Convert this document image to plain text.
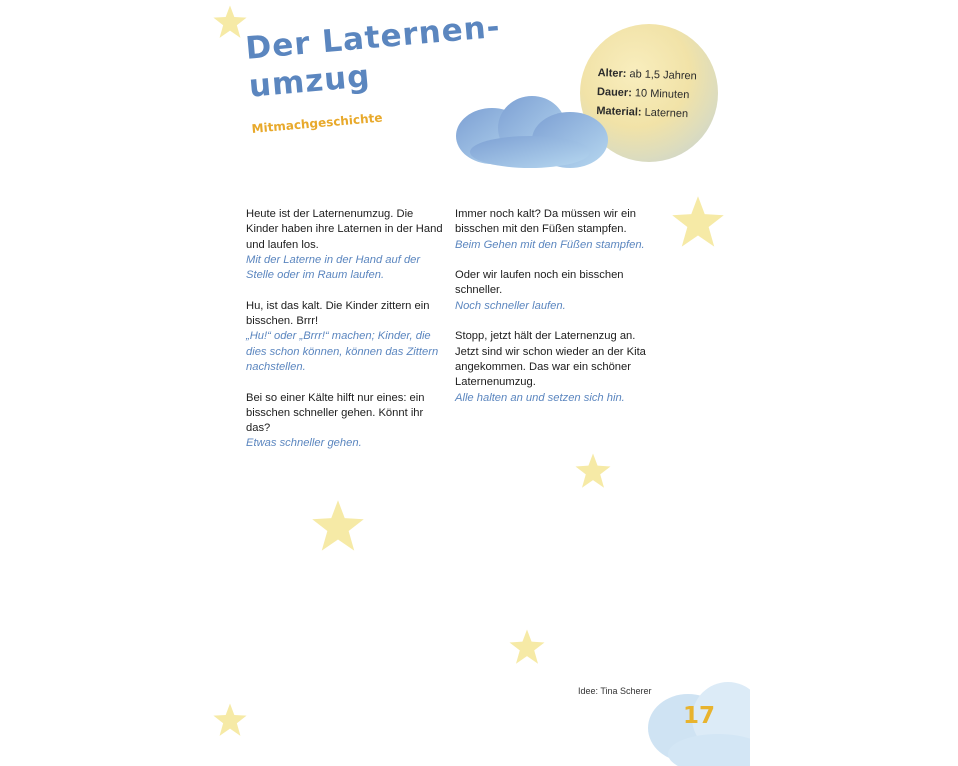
Der Laternen-
umzug
Mitmachgeschichte
Alter: ab 1,5 Jahren
Dauer: 10 Minuten
Material: Laternen

Heute ist der Laternenumzug. Die Kinder haben ihre Laternen in der Hand und laufen los.
Mit der Laterne in der Hand auf der Stelle oder im Raum laufen.

Hu, ist das kalt. Die Kinder zittern ein bisschen. Brrr!
„Hu!“ oder „Brrr!“ machen; Kinder, die dies schon können, können das Zittern nachstellen.

Bei so einer Kälte hilft nur eines: ein bisschen schneller gehen. Könnt ihr das?
Etwas schneller gehen.

Immer noch kalt? Da müssen wir ein bisschen mit den Füßen stampfen.
Beim Gehen mit den Füßen stampfen.

Oder wir laufen noch ein bisschen schneller.
Noch schneller laufen.

Stopp, jetzt hält der Laternenzug an. Jetzt sind wir schon wieder an der Kita angekommen. Das war ein schöner Laternenumzug.
Alle halten an und setzen sich hin.

Idee: Tina Scherer
17
